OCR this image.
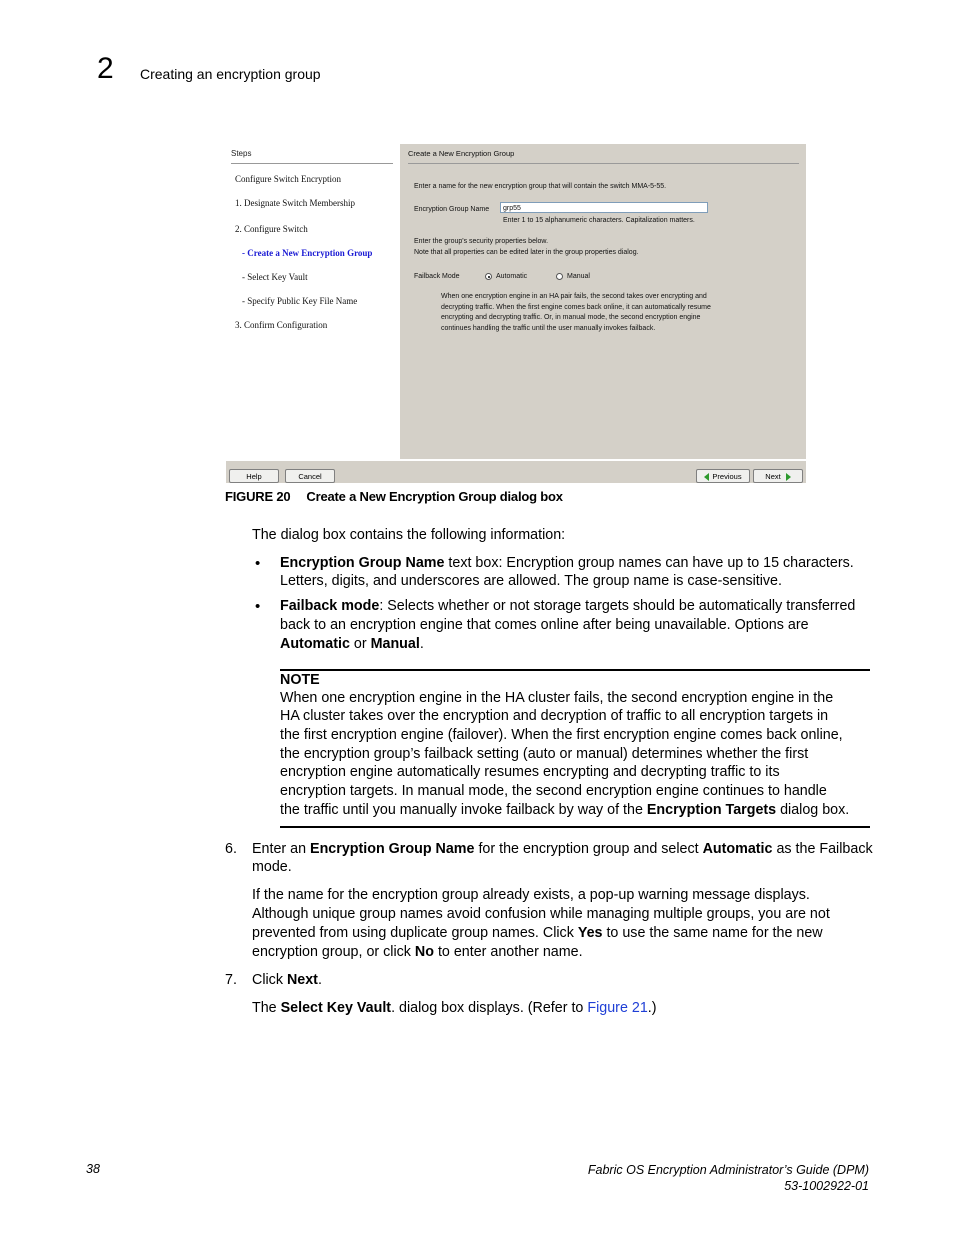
2 Creating an encryption group
Steps
Configure Switch Encryption
1. Designate Switch Membership
2. Configure Switch
- Create a New Encryption Group
- Select Key Vault
- Specify Public Key File Name
3. Confirm Configuration
Create a New Encryption Group
Enter a name for the new encryption group that will contain the switch MMA-5-55.
Encryption Group Name	grp55
Enter 1 to 15 alphanumeric characters. Capitalization matters.
Enter the group's security properties below.
Note that all properties can be edited later in the group properties dialog.
Failback Mode	Automatic	Manual
When one encryption engine in an HA pair fails, the second takes over encrypting and
decrypting traffic. When the first engine comes back online, it can automatically resume
encrypting and decrypting traffic. Or, in manual mode, the second encryption engine
continues handling the traffic until the user manually invokes failback.
Help	Cancel	Previous	Next
FIGURE 20 Create a New Encryption Group dialog box
The dialog box contains the following information:
• Encryption Group Name text box: Encryption group names can have up to 15 characters.
Letters, digits, and underscores are allowed. The group name is case-sensitive.
• Failback mode: Selects whether or not storage targets should be automatically transferred
back to an encryption engine that comes online after being unavailable. Options are
Automatic or Manual.
NOTE
When one encryption engine in the HA cluster fails, the second encryption engine in the
HA cluster takes over the encryption and decryption of traffic to all encryption targets in
the first encryption engine (failover). When the first encryption engine comes back online,
the encryption group’s failback setting (auto or manual) determines whether the first
encryption engine automatically resumes encrypting and decrypting traffic to its
encryption targets. In manual mode, the second encryption engine continues to handle
the traffic until you manually invoke failback by way of the Encryption Targets dialog box.
6. Enter an Encryption Group Name for the encryption group and select Automatic as the Failback
mode.
If the name for the encryption group already exists, a pop-up warning message displays.
Although unique group names avoid confusion while managing multiple groups, you are not
prevented from using duplicate group names. Click Yes to use the same name for the new
encryption group, or click No to enter another name.
7. Click Next.
The Select Key Vault. dialog box displays. (Refer to Figure 21.)
38	Fabric OS Encryption Administrator’s Guide (DPM)
53-1002922-01
